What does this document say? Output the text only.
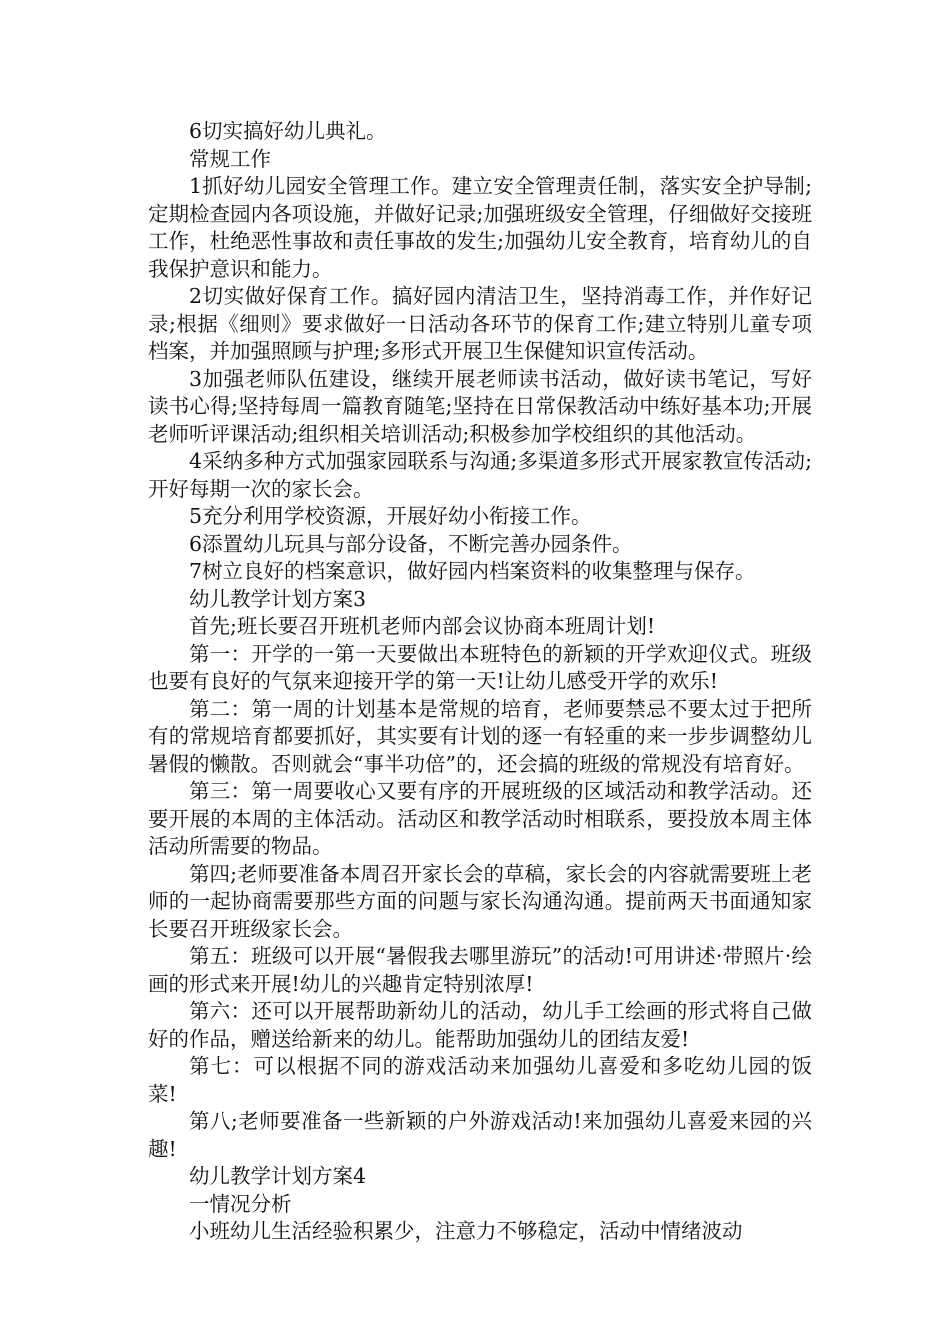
6切实搞好幼儿典礼。

常规工作

1抓好幼儿园安全管理工作。建立安全管理责任制，落实安全护导制;定期检查园内各项设施，并做好记录;加强班级安全管理，仔细做好交接班工作，杜绝恶性事故和责任事故的发生;加强幼儿安全教育，培育幼儿的自我保护意识和能力。

2切实做好保育工作。搞好园内清洁卫生，坚持消毒工作，并作好记录;根据《细则》要求做好一日活动各环节的保育工作;建立特别儿童专项档案，并加强照顾与护理;多形式开展卫生保健知识宣传活动。

3加强老师队伍建设，继续开展老师读书活动，做好读书笔记，写好读书心得;坚持每周一篇教育随笔;坚持在日常保教活动中练好基本功;开展老师听评课活动;组织相关培训活动;积极参加学校组织的其他活动。

4采纳多种方式加强家园联系与沟通;多渠道多形式开展家教宣传活动;开好每期一次的家长会。

5充分利用学校资源，开展好幼小衔接工作。

6添置幼儿玩具与部分设备，不断完善办园条件。

7树立良好的档案意识，做好园内档案资料的收集整理与保存。

幼儿教学计划方案3

首先;班长要召开班机老师内部会议协商本班周计划!

第一：开学的一第一天要做出本班特色的新颖的开学欢迎仪式。班级也要有良好的气氛来迎接开学的第一天!让幼儿感受开学的欢乐!

第二：第一周的计划基本是常规的培育，老师要禁忌不要太过于把所有的常规培育都要抓好，其实要有计划的逐一有轻重的来一步步调整幼儿暑假的懒散。否则就会“事半功倍”的，还会搞的班级的常规没有培育好。

第三：第一周要收心又要有序的开展班级的区域活动和教学活动。还要开展的本周的主体活动。活动区和教学活动时相联系，要投放本周主体活动所需要的物品。

第四;老师要准备本周召开家长会的草稿，家长会的内容就需要班上老师的一起协商需要那些方面的问题与家长沟通沟通。提前两天书面通知家长要召开班级家长会。

第五：班级可以开展“暑假我去哪里游玩”的活动!可用讲述·带照片·绘画的形式来开展!幼儿的兴趣肯定特别浓厚!

第六：还可以开展帮助新幼儿的活动，幼儿手工绘画的形式将自己做好的作品，赠送给新来的幼儿。能帮助加强幼儿的团结友爱!

第七：可以根据不同的游戏活动来加强幼儿喜爱和多吃幼儿园的饭菜!

第八;老师要准备一些新颖的户外游戏活动!来加强幼儿喜爱来园的兴趣!

幼儿教学计划方案4

一情况分析

小班幼儿生活经验积累少，注意力不够稳定，活动中情绪波动
